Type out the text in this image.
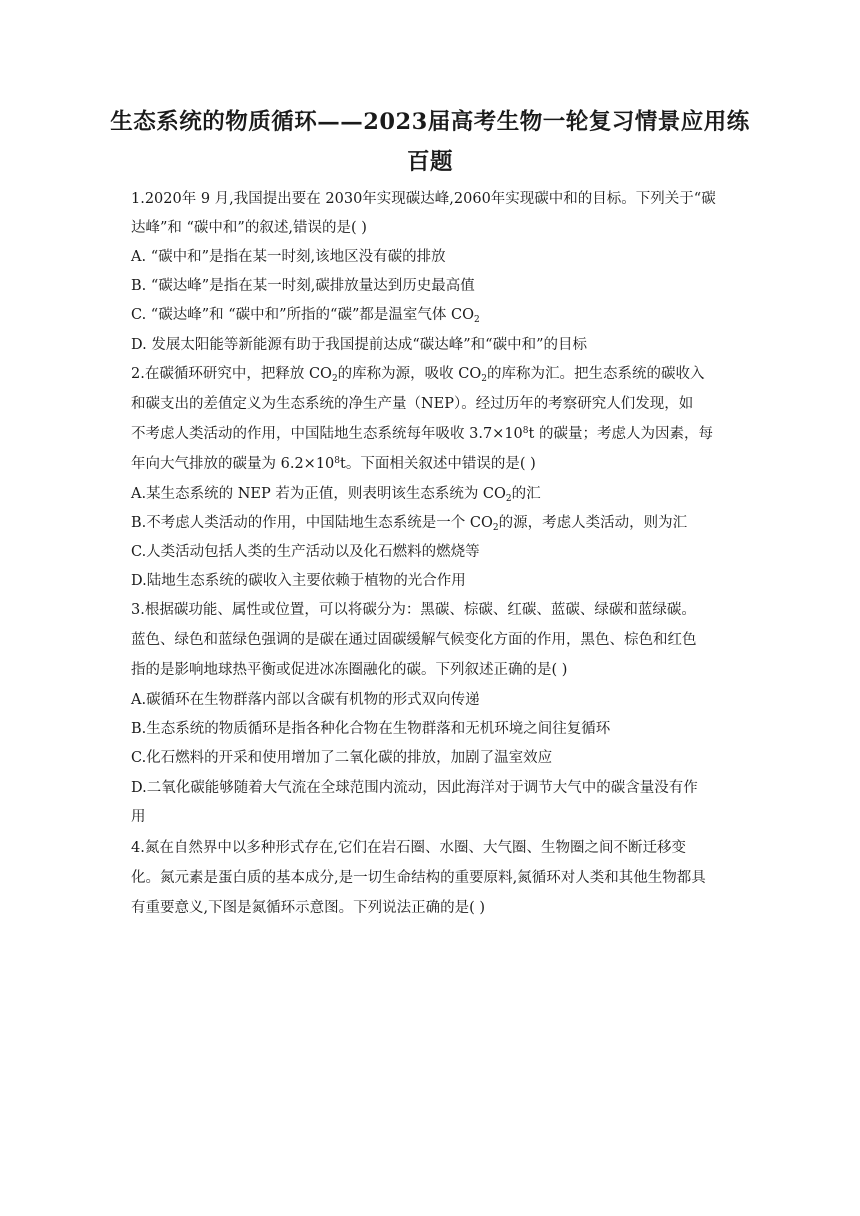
生态系统的物质循环——2023届高考生物一轮复习情景应用练
百题
1.2020年 9 月,我国提出要在 2030年实现碳达峰,2060年实现碳中和的目标。下列关于“碳
达峰”和 “碳中和”的叙述,错误的是( )
A. “碳中和”是指在某一时刻,该地区没有碳的排放
B. “碳达峰”是指在某一时刻,碳排放量达到历史最高值
C. “碳达峰”和 “碳中和”所指的“碳”都是温室气体 $CO_2$
D. 发展太阳能等新能源有助于我国提前达成“碳达峰”和“碳中和”的目标
2.在碳循环研究中，把释放 $CO_2$的库称为源，吸收 $CO_2$的库称为汇。把生态系统的碳收入
和碳支出的差值定义为生态系统的净生产量（NEP）。经过历年的考察研究人们发现，如
不考虑人类活动的作用，中国陆地生态系统每年吸收 $3.7\times 10^8t$ 的碳量；考虑人为因素，每
年向大气排放的碳量为 $6.2\times 10^8t$。下面相关叙述中错误的是( )
A.某生态系统的 NEP 若为正值，则表明该生态系统为 $CO_2$的汇
B.不考虑人类活动的作用，中国陆地生态系统是一个 $CO_2$的源，考虑人类活动，则为汇
C.人类活动包括人类的生产活动以及化石燃料的燃烧等
D.陆地生态系统的碳收入主要依赖于植物的光合作用
3.根据碳功能、属性或位置，可以将碳分为：黑碳、棕碳、红碳、蓝碳、绿碳和蓝绿碳。
蓝色、绿色和蓝绿色强调的是碳在通过固碳缓解气候变化方面的作用，黑色、棕色和红色
指的是影响地球热平衡或促进冰冻圈融化的碳。下列叙述正确的是( )
A.碳循环在生物群落内部以含碳有机物的形式双向传递
B.生态系统的物质循环是指各种化合物在生物群落和无机环境之间往复循环
C.化石燃料的开采和使用增加了二氧化碳的排放，加剧了温室效应
D.二氧化碳能够随着大气流在全球范围内流动，因此海洋对于调节大气中的碳含量没有作
用
4.氮在自然界中以多种形式存在,它们在岩石圈、水圈、大气圈、生物圈之间不断迁移变
化。氮元素是蛋白质的基本成分,是一切生命结构的重要原料,氮循环对人类和其他生物都具
有重要意义,下图是氮循环示意图。下列说法正确的是( )
